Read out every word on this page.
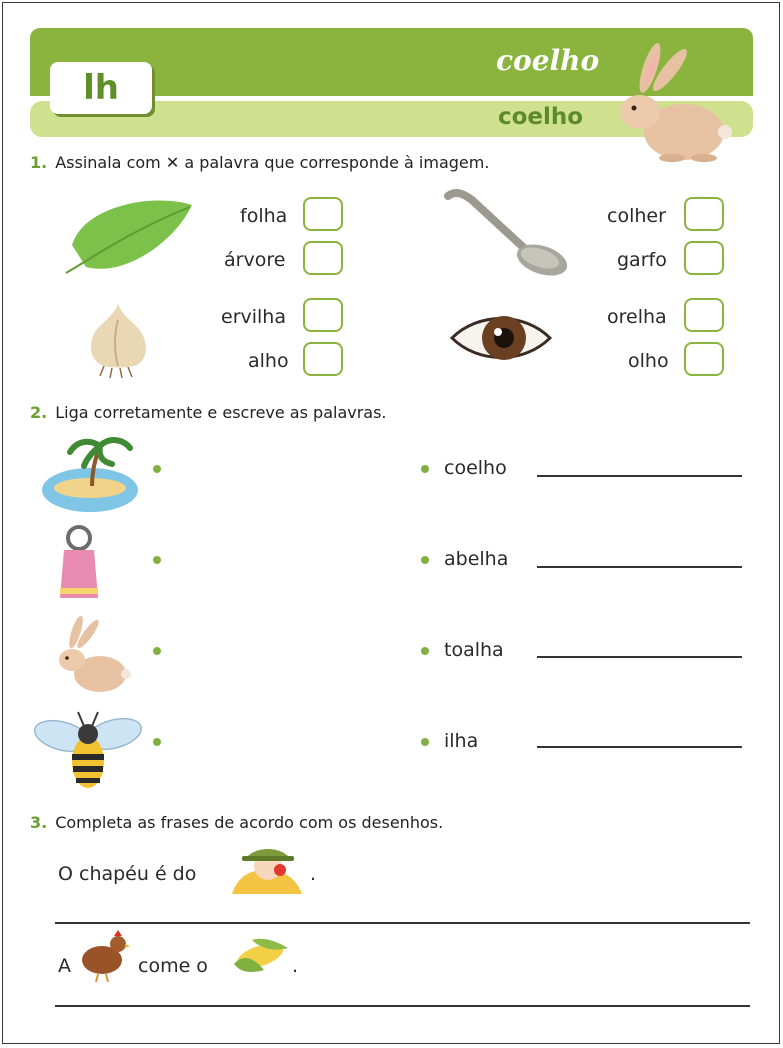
lh
coelho
coelho
1. Assinala com ✕ a palavra que corresponde à imagem.
folha
árvore
colher
garfo
ervilha
alho
orelha
olho
2. Liga corretamente e escreve as palavras.
coelho
abelha
toalha
ilha
3. Completa as frases de acordo com os desenhos.
O chapéu é do	.
A	come o	.
